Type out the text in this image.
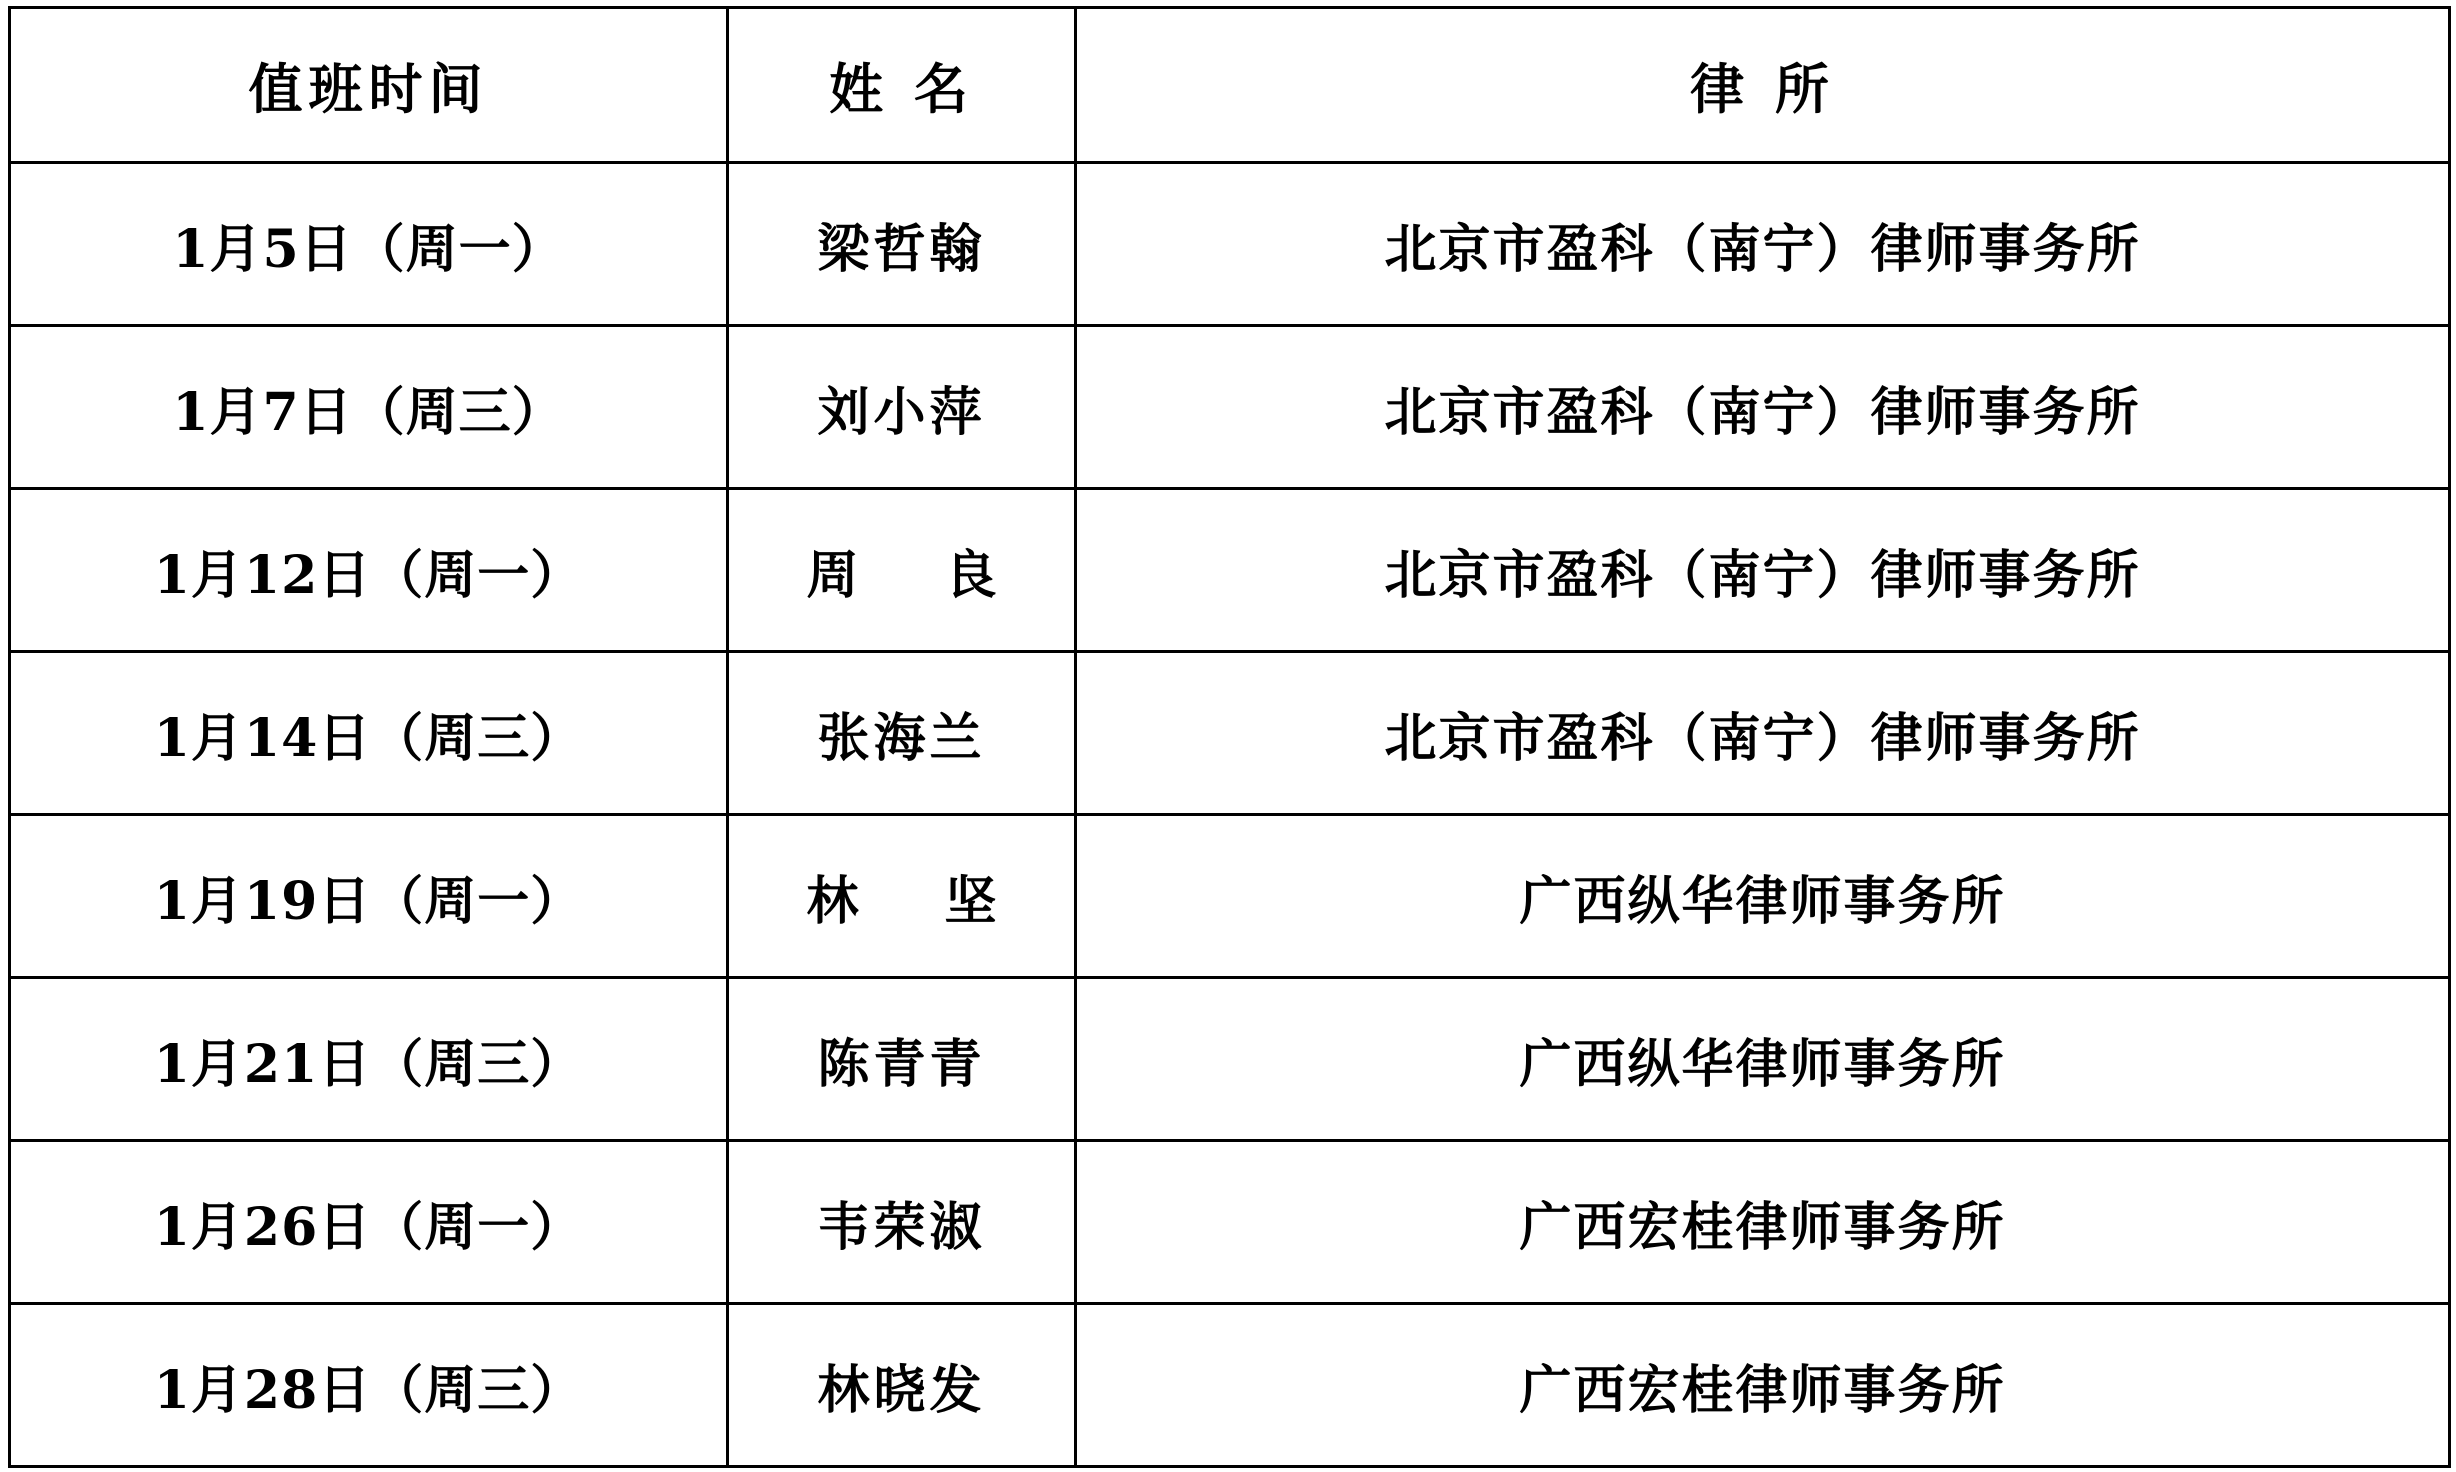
值班时间	姓 名	律 所
1月5日（周一）	梁哲翰	北京市盈科（南宁）律师事务所
1月7日（周三）	刘小萍	北京市盈科（南宁）律师事务所
1月12日（周一）	周 良	北京市盈科（南宁）律师事务所
1月14日（周三）	张海兰	北京市盈科（南宁）律师事务所
1月19日（周一）	林 坚	广西纵华律师事务所
1月21日（周三）	陈青青	广西纵华律师事务所
1月26日（周一）	韦荣淑	广西宏桂律师事务所
1月28日（周三）	林晓发	广西宏桂律师事务所
